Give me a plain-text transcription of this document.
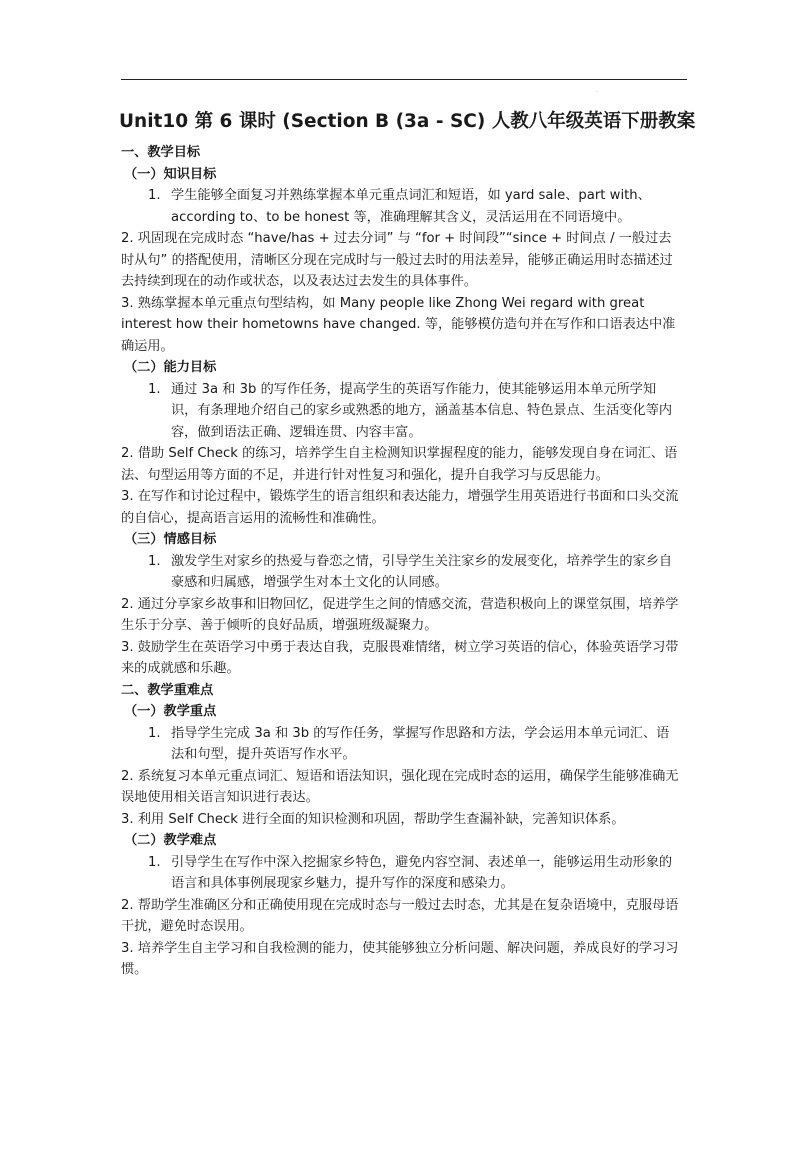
·
Unit10 第 6 课时 (Section B (3a - SC) 人教八年级英语下册教案
一、教学目标
（一）知识目标
1. 学生能够全面复习并熟练掌握本单元重点词汇和短语，如 yard sale、part with、according to、to be honest 等，准确理解其含义，灵活运用在不同语境中。
2. 巩固现在完成时态 “have/has + 过去分词” 与 “for + 时间段”“since + 时间点 / 一般过去时从句” 的搭配使用，清晰区分现在完成时与一般过去时的用法差异，能够正确运用时态描述过去持续到现在的动作或状态，以及表达过去发生的具体事件。
3. 熟练掌握本单元重点句型结构，如 Many people like Zhong Wei regard with great interest how their hometowns have changed. 等，能够模仿造句并在写作和口语表达中准确运用。
（二）能力目标
1. 通过 3a 和 3b 的写作任务，提高学生的英语写作能力，使其能够运用本单元所学知识，有条理地介绍自己的家乡或熟悉的地方，涵盖基本信息、特色景点、生活变化等内容，做到语法正确、逻辑连贯、内容丰富。
2. 借助 Self Check 的练习，培养学生自主检测知识掌握程度的能力，能够发现自身在词汇、语法、句型运用等方面的不足，并进行针对性复习和强化，提升自我学习与反思能力。
3. 在写作和讨论过程中，锻炼学生的语言组织和表达能力，增强学生用英语进行书面和口头交流的自信心，提高语言运用的流畅性和准确性。
（三）情感目标
1. 激发学生对家乡的热爱与眷恋之情，引导学生关注家乡的发展变化，培养学生的家乡自豪感和归属感，增强学生对本土文化的认同感。
2. 通过分享家乡故事和旧物回忆，促进学生之间的情感交流，营造积极向上的课堂氛围，培养学生乐于分享、善于倾听的良好品质，增强班级凝聚力。
3. 鼓励学生在英语学习中勇于表达自我，克服畏难情绪，树立学习英语的信心，体验英语学习带来的成就感和乐趣。
二、教学重难点
（一）教学重点
1. 指导学生完成 3a 和 3b 的写作任务，掌握写作思路和方法，学会运用本单元词汇、语法和句型，提升英语写作水平。
2. 系统复习本单元重点词汇、短语和语法知识，强化现在完成时态的运用，确保学生能够准确无误地使用相关语言知识进行表达。
3. 利用 Self Check 进行全面的知识检测和巩固，帮助学生查漏补缺，完善知识体系。
（二）教学难点
1. 引导学生在写作中深入挖掘家乡特色，避免内容空洞、表述单一，能够运用生动形象的语言和具体事例展现家乡魅力，提升写作的深度和感染力。
2. 帮助学生准确区分和正确使用现在完成时态与一般过去时态，尤其是在复杂语境中，克服母语干扰，避免时态误用。
3. 培养学生自主学习和自我检测的能力，使其能够独立分析问题、解决问题，养成良好的学习习惯。
